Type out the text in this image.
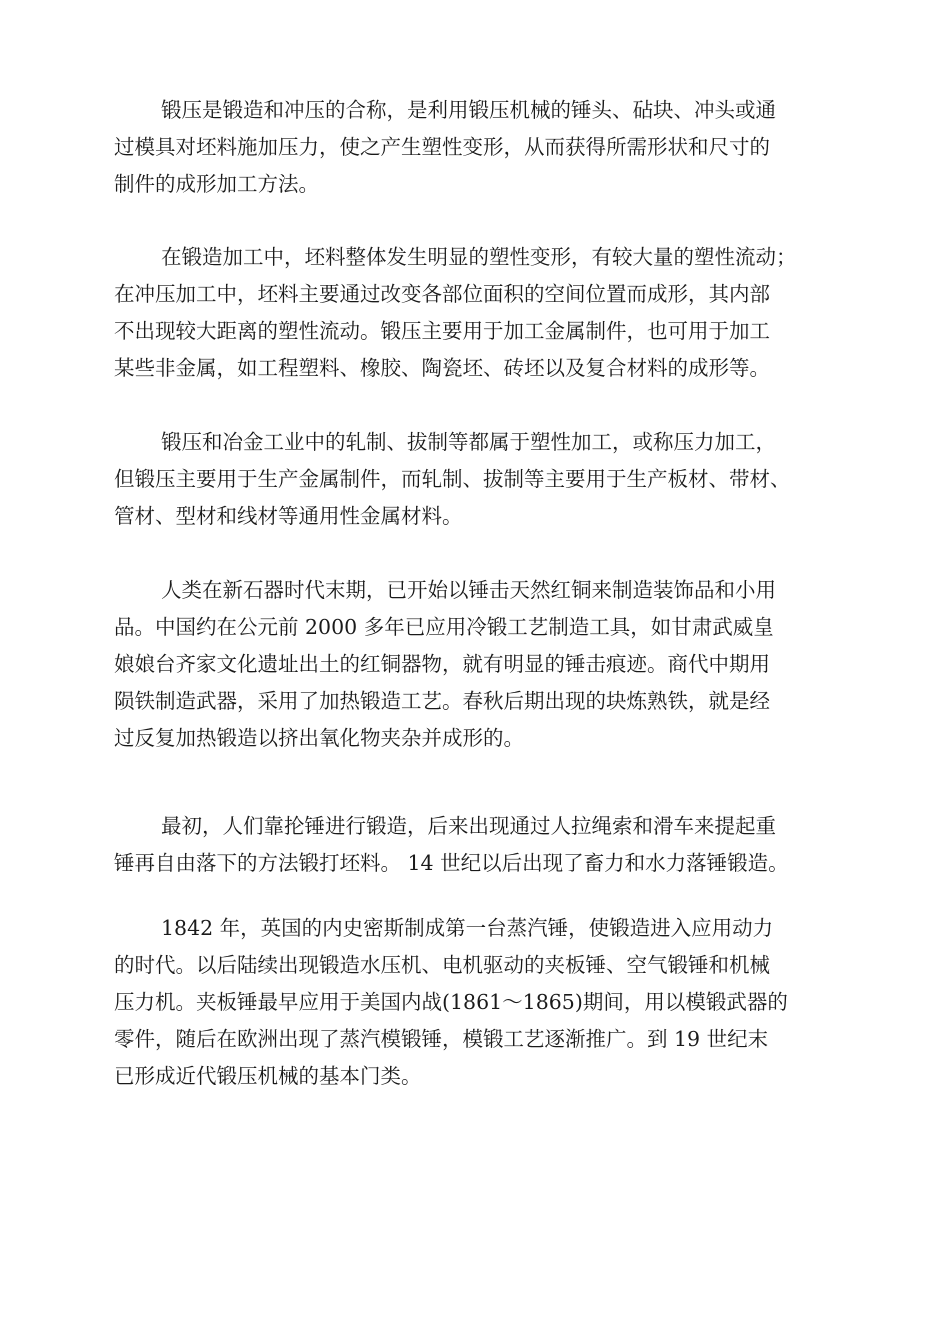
锻压是锻造和冲压的合称，是利用锻压机械的锤头、砧块、冲头或通
过模具对坯料施加压力，使之产生塑性变形，从而获得所需形状和尺寸的
制件的成形加工方法。
在锻造加工中，坯料整体发生明显的塑性变形，有较大量的塑性流动；
在冲压加工中，坯料主要通过改变各部位面积的空间位置而成形，其内部
不出现较大距离的塑性流动。锻压主要用于加工金属制件，也可用于加工
某些非金属，如工程塑料、橡胶、陶瓷坯、砖坯以及复合材料的成形等。
锻压和冶金工业中的轧制、拔制等都属于塑性加工，或称压力加工，
但锻压主要用于生产金属制件，而轧制、拔制等主要用于生产板材、带材、
管材、型材和线材等通用性金属材料。
人类在新石器时代末期，已开始以锤击天然红铜来制造装饰品和小用
品。中国约在公元前 2000 多年已应用冷锻工艺制造工具，如甘肃武威皇
娘娘台齐家文化遗址出土的红铜器物，就有明显的锤击痕迹。商代中期用
陨铁制造武器，采用了加热锻造工艺。春秋后期出现的块炼熟铁，就是经
过反复加热锻造以挤出氧化物夹杂并成形的。
最初，人们靠抡锤进行锻造，后来出现通过人拉绳索和滑车来提起重
锤再自由落下的方法锻打坯料。 14 世纪以后出现了畜力和水力落锤锻造。
1842 年，英国的内史密斯制成第一台蒸汽锤，使锻造进入应用动力
的时代。以后陆续出现锻造水压机、电机驱动的夹板锤、空气锻锤和机械
压力机。夹板锤最早应用于美国内战(1861～1865)期间，用以模锻武器的
零件，随后在欧洲出现了蒸汽模锻锤，模锻工艺逐渐推广。到 19 世纪末
已形成近代锻压机械的基本门类。
